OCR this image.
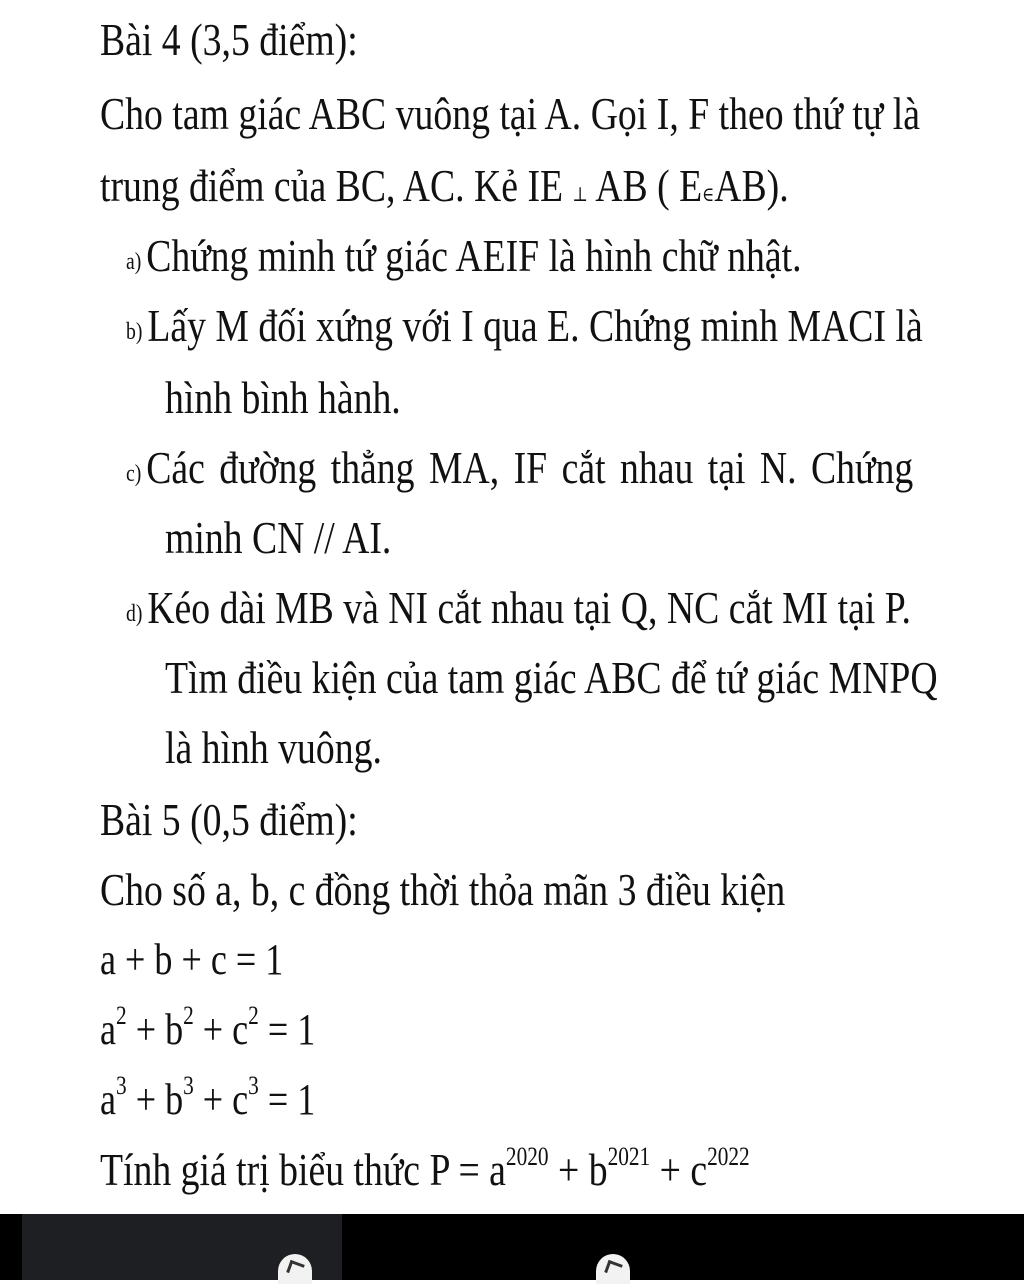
Bài 4 (3,5 điểm):
Cho tam giác ABC vuông tại A. Gọi I, F theo thứ tự là
trung điểm của BC, AC. Kẻ IE ⊥ AB ( E∈AB).
a) Chứng minh tứ giác AEIF là hình chữ nhật.
b) Lấy M đối xứng với I qua E. Chứng minh MACI là
hình bình hành.
c) Các đường thẳng MA, IF cắt nhau tại N. Chứng
minh CN // AI.
d) Kéo dài MB và NI cắt nhau tại Q, NC cắt MI tại P.
Tìm điều kiện của tam giác ABC để tứ giác MNPQ
là hình vuông.
Bài 5 (0,5 điểm):
Cho số a, b, c đồng thời thỏa mãn 3 điều kiện
a + b + c = 1
$a^2 + b^2 + c^2 = 1$
$a^3 + b^3 + c^3 = 1$
Tính giá trị biểu thức $P = a^{2020} + b^{2021} + c^{2022}$
